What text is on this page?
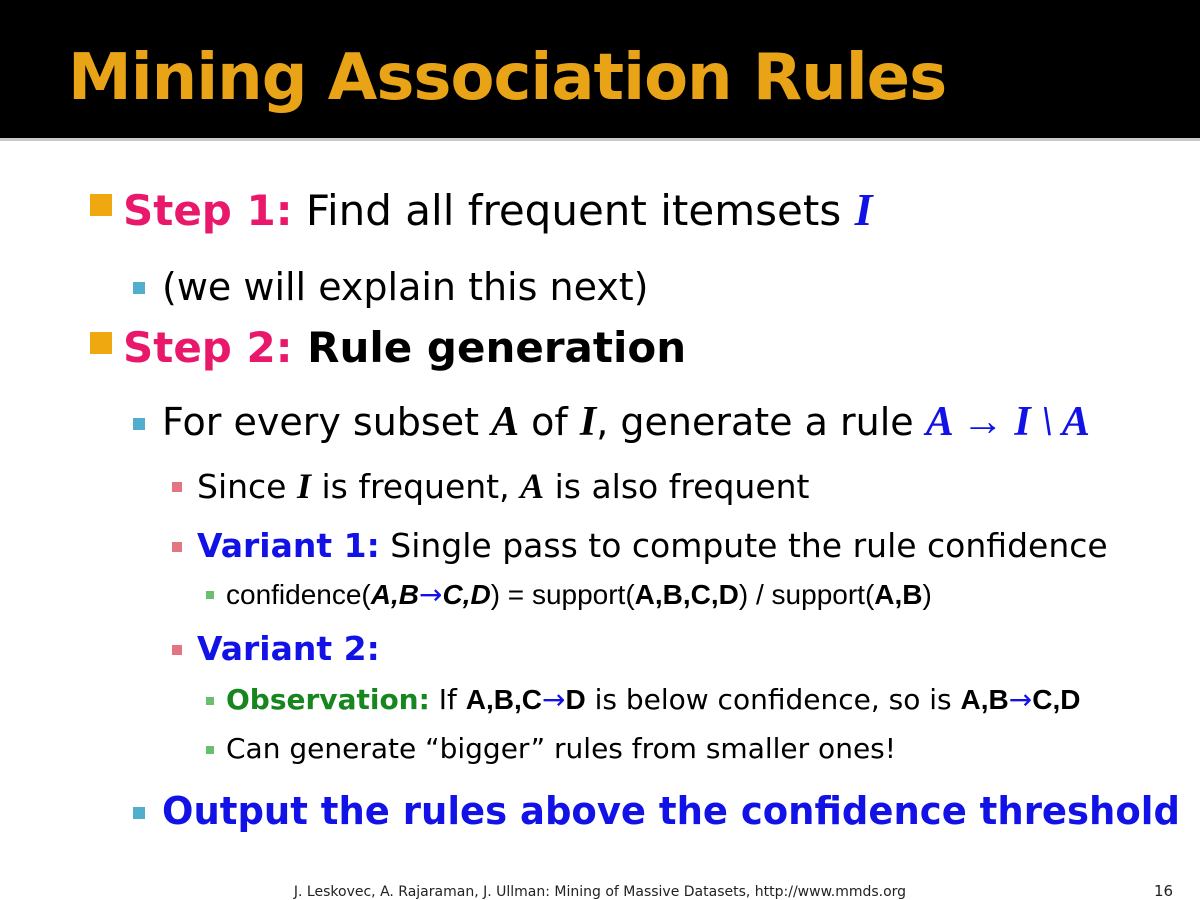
Mining Association Rules
Step 1: Find all frequent itemsets I
(we will explain this next)
Step 2: Rule generation
For every subset A of I, generate a rule A → I \ A
Since I is frequent, A is also frequent
Variant 1: Single pass to compute the rule confidence
confidence(A,B→C,D) = support(A,B,C,D) / support(A,B)
Variant 2:
Observation: If A,B,C→D is below confidence, so is A,B→C,D
Can generate “bigger” rules from smaller ones!
Output the rules above the confidence threshold
J. Leskovec, A. Rajaraman, J. Ullman: Mining of Massive Datasets, http://www.mmds.org	16
